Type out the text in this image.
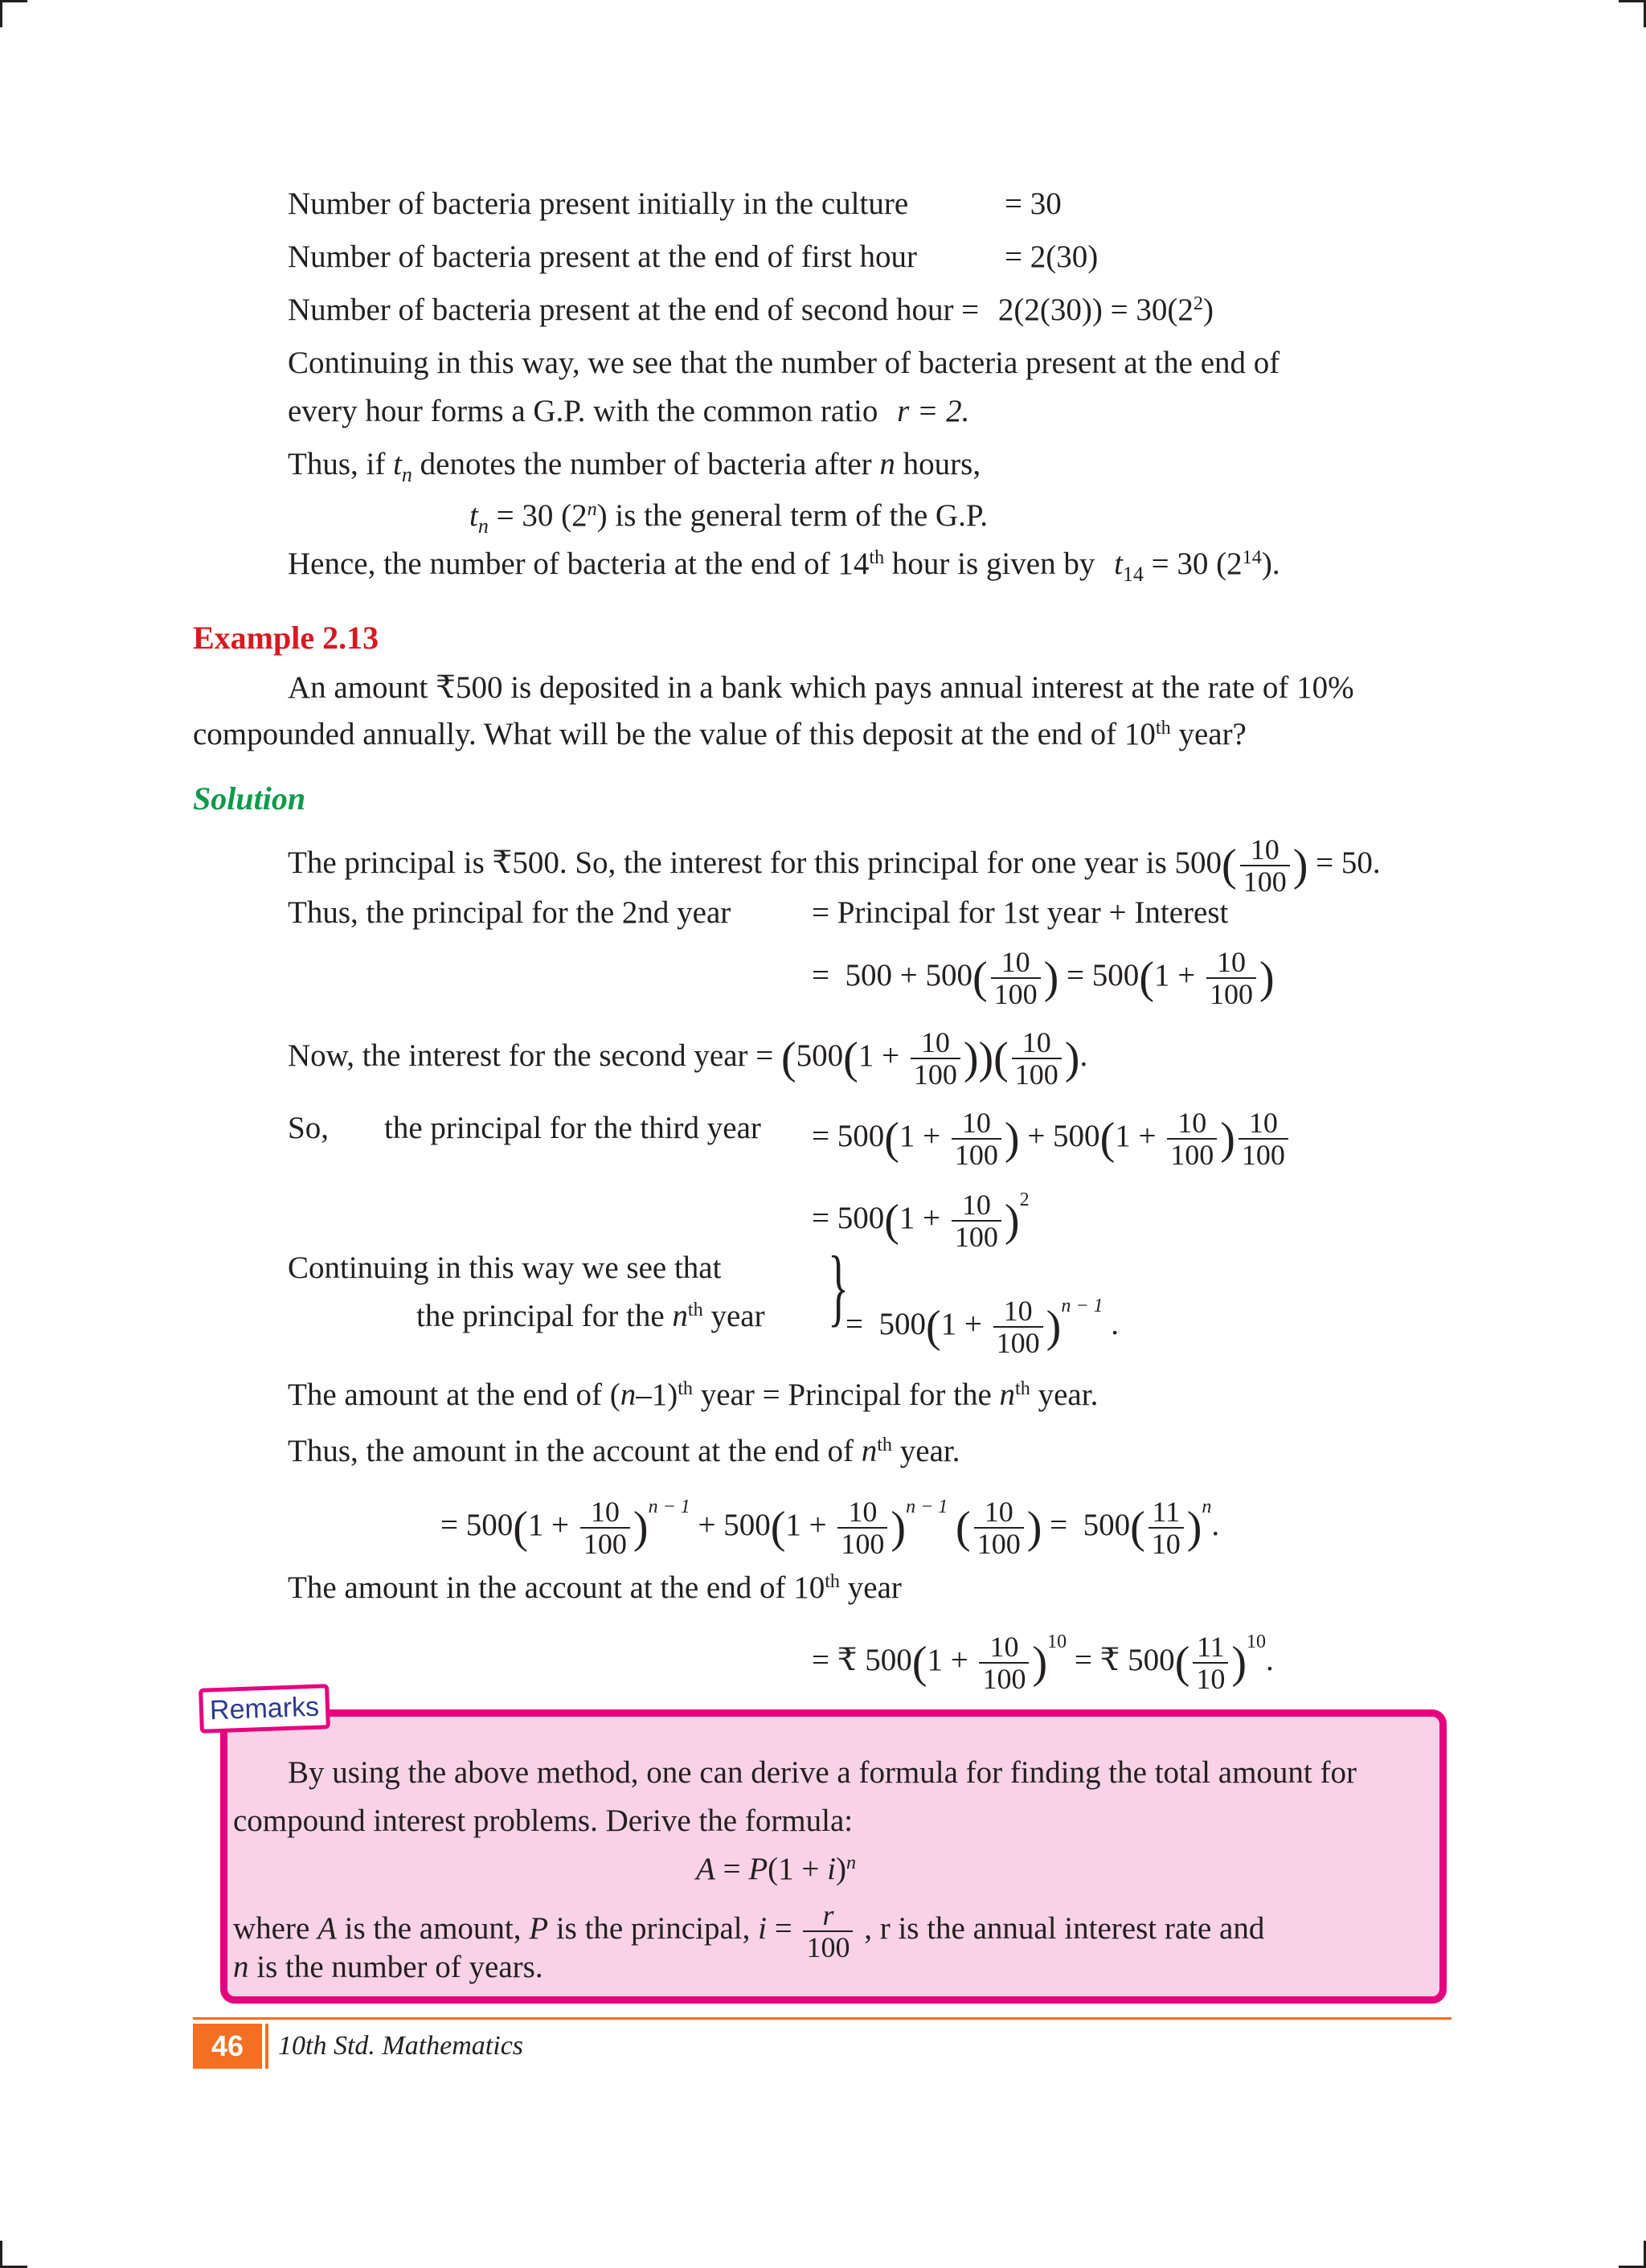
Number of bacteria present initially in the culture	= 30
Number of bacteria present at the end of first hour	= 2(30)
Number of bacteria present at the end of second hour = $2(2(30)) = 30(2^2)$
Continuing in this way, we see that the number of bacteria present at the end of
every hour forms a G.P. with the common ratio r = 2.
Thus, if $t_n$ denotes the number of bacteria after n hours,
$t_n = 30$ (2$^n$) is the general term of the G.P.
Hence, the number of bacteria at the end of 14th hour is given by $t_{14} = 30$ $(2^{14})$.
Example 2.13
An amount ₹500 is deposited in a bank which pays annual interest at the rate of 10%
compounded annually. What will be the value of this deposit at the end of 10th year?
Solution
The principal is ₹500. So, the interest for this principal for one year is $500( \frac{10}{100}$ ) = 50.
Thus, the principal for the 2nd year	= Principal for 1st year + Interest
=  $500 + 500( \frac{10}{100}$ ) = $500(1 + \frac{10}{100}$ )
Now, the interest for the second year = ($500(1 + \frac{10}{100}$ ))( $\frac{10}{100}$ ).
So, the principal for the third year = $500(1 + \frac{10}{100}$ ) + $500(1 + \frac{10}{100}$ ) $\frac{10}{100}$
= $500(1 + \frac{10}{100} )^2$
Continuing in this way we see that }
the principal for the $n^{th}$ year	=  $500(1 + \frac{10}{100} )^{n - 1}$ .
The amount at the end of $(n-1)^{th}$ year = Principal for the $n^{th}$ year.
Thus, the amount in the account at the end of $n^{th}$ year.
= $500(1 + \frac{10}{100} )^{n - 1} + 500(1 + \frac{10}{100} )^{n - 1}$ ( $\frac{10}{100}$ ) =  $500( \frac{11}{10} )^n$.
The amount in the account at the end of 10th year
= ₹ $500(1 + \frac{10}{100} )^{10}$ = ₹ $500( \frac{11}{10} )^{10}$.
Remarks
By using the above method, one can derive a formula for finding the total amount for
compound interest problems. Derive the formula:
$A = P(1 + i)^n$
where A is the amount, P is the principal, $i = \frac{r}{100}$ , r is the annual interest rate and
n is the number of years.
46	10th Std. Mathematics
